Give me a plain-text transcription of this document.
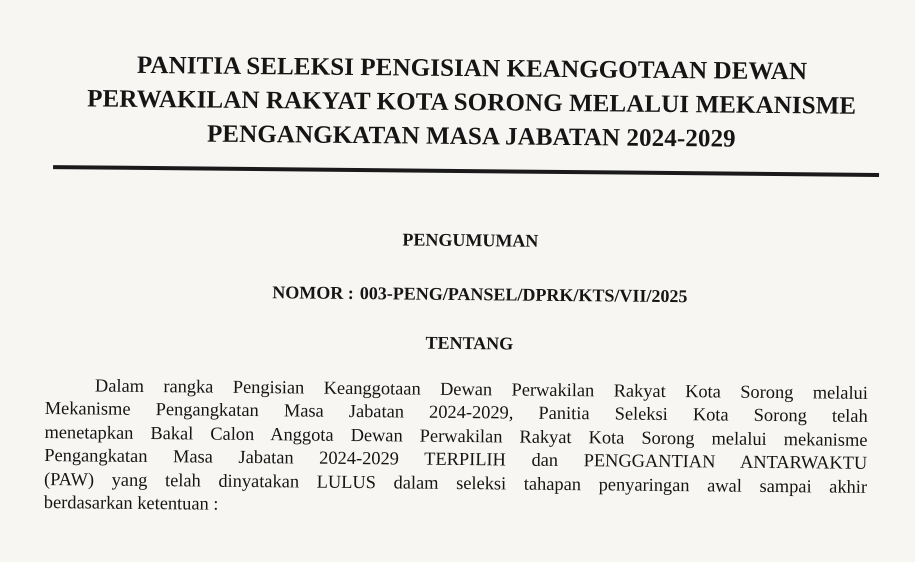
PANITIA SELEKSI PENGISIAN KEANGGOTAAN DEWAN
PERWAKILAN RAKYAT KOTA SORONG MELALUI MEKANISME
PENGANGKATAN MASA JABATAN 2024-2029
PENGUMUMAN
NOMOR : 003-PENG/PANSEL/DPRK/KTS/VII/2025
TENTANG
Dalam rangka Pengisian Keanggotaan Dewan Perwakilan Rakyat Kota Sorong melalui
Mekanisme Pengangkatan Masa Jabatan 2024-2029, Panitia Seleksi Kota Sorong telah
menetapkan Bakal Calon Anggota Dewan Perwakilan Rakyat Kota Sorong melalui mekanisme
Pengangkatan Masa Jabatan 2024-2029 TERPILIH dan PENGGANTIAN ANTARWAKTU
(PAW) yang telah dinyatakan LULUS dalam seleksi tahapan penyaringan awal sampai akhir
berdasarkan ketentuan :
